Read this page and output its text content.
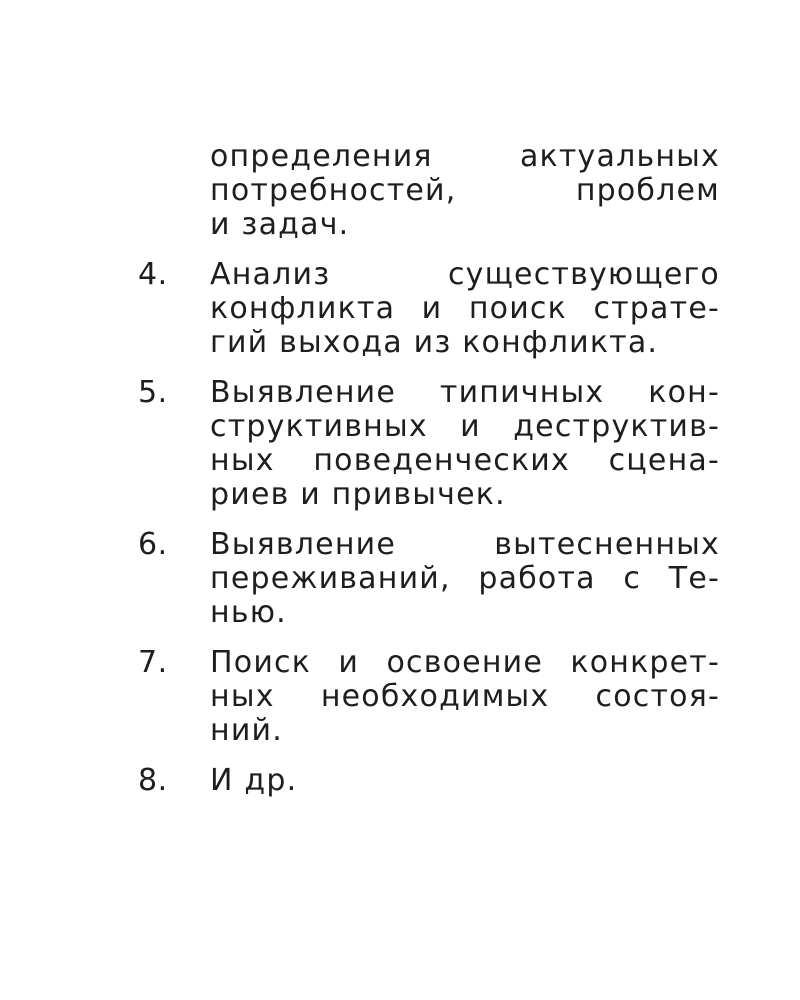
определения актуальных
потребностей, проблем
и задач.
4. Анализ существующего
конфликта и поиск страте-
гий выхода из конфликта.
5. Выявление типичных кон-
структивных и деструктив-
ных поведенческих сцена-
риев и привычек.
6. Выявление вытесненных
переживаний, работа с Те-
нью.
7. Поиск и освоение конкрет-
ных необходимых состоя-
ний.
8. И др.
